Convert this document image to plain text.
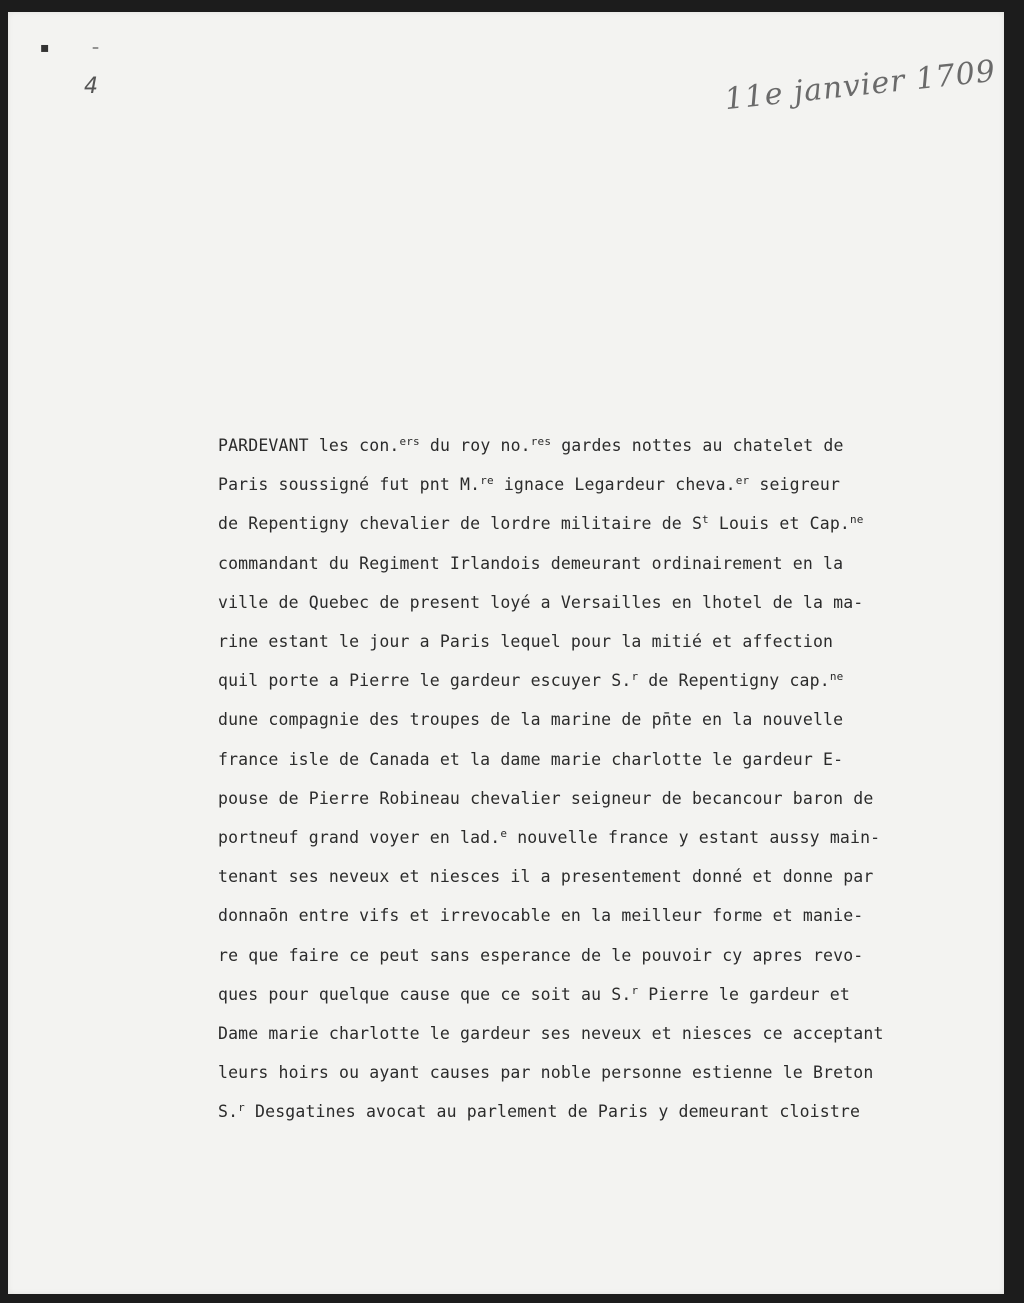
▪	–
4	11e janvier 1709
PARDEVANT les con.$^{ers}$ du roy no.$^{res}$ gardes nottes au chatelet de
Paris soussigné fut pnt M.$^{re}$ ignace Legardeur cheva.$^{er}$ seigreur
de Repentigny chevalier de lordre militaire de $S^t$ Louis et Cap.$^{ne}$
commandant du Regiment Irlandois demeurant ordinairement en la
ville de Quebec de present loyé a Versailles en lhotel de la ma-
rine estant le jour a Paris lequel pour la mitié et affection
quil porte a Pierre le gardeur escuyer S.$^r$ de Repentigny cap.$^{ne}$
dune compagnie des troupes de la marine de pn̄te en la nouvelle
france isle de Canada et la dame marie charlotte le gardeur E-
pouse de Pierre Robineau chevalier seigneur de becancour baron de
portneuf grand voyer en lad.$^e$ nouvelle france y estant aussy main-
tenant ses neveux et niesces il a presentement donné et donne par
donnaōn entre vifs et irrevocable en la meilleur forme et maniе-
re que faire ce peut sans esperance de le pouvoir cy apres revo-
ques pour quelque cause que ce soit au S.$^r$ Pierre le gardeur et
Dame marie charlotte le gardeur ses neveux et niesces ce acceptant
leurs hoirs ou ayant causes par noble personne estienne le Breton
S.$^r$ Desgatines avocat au parlement de Paris y demeurant cloistre
